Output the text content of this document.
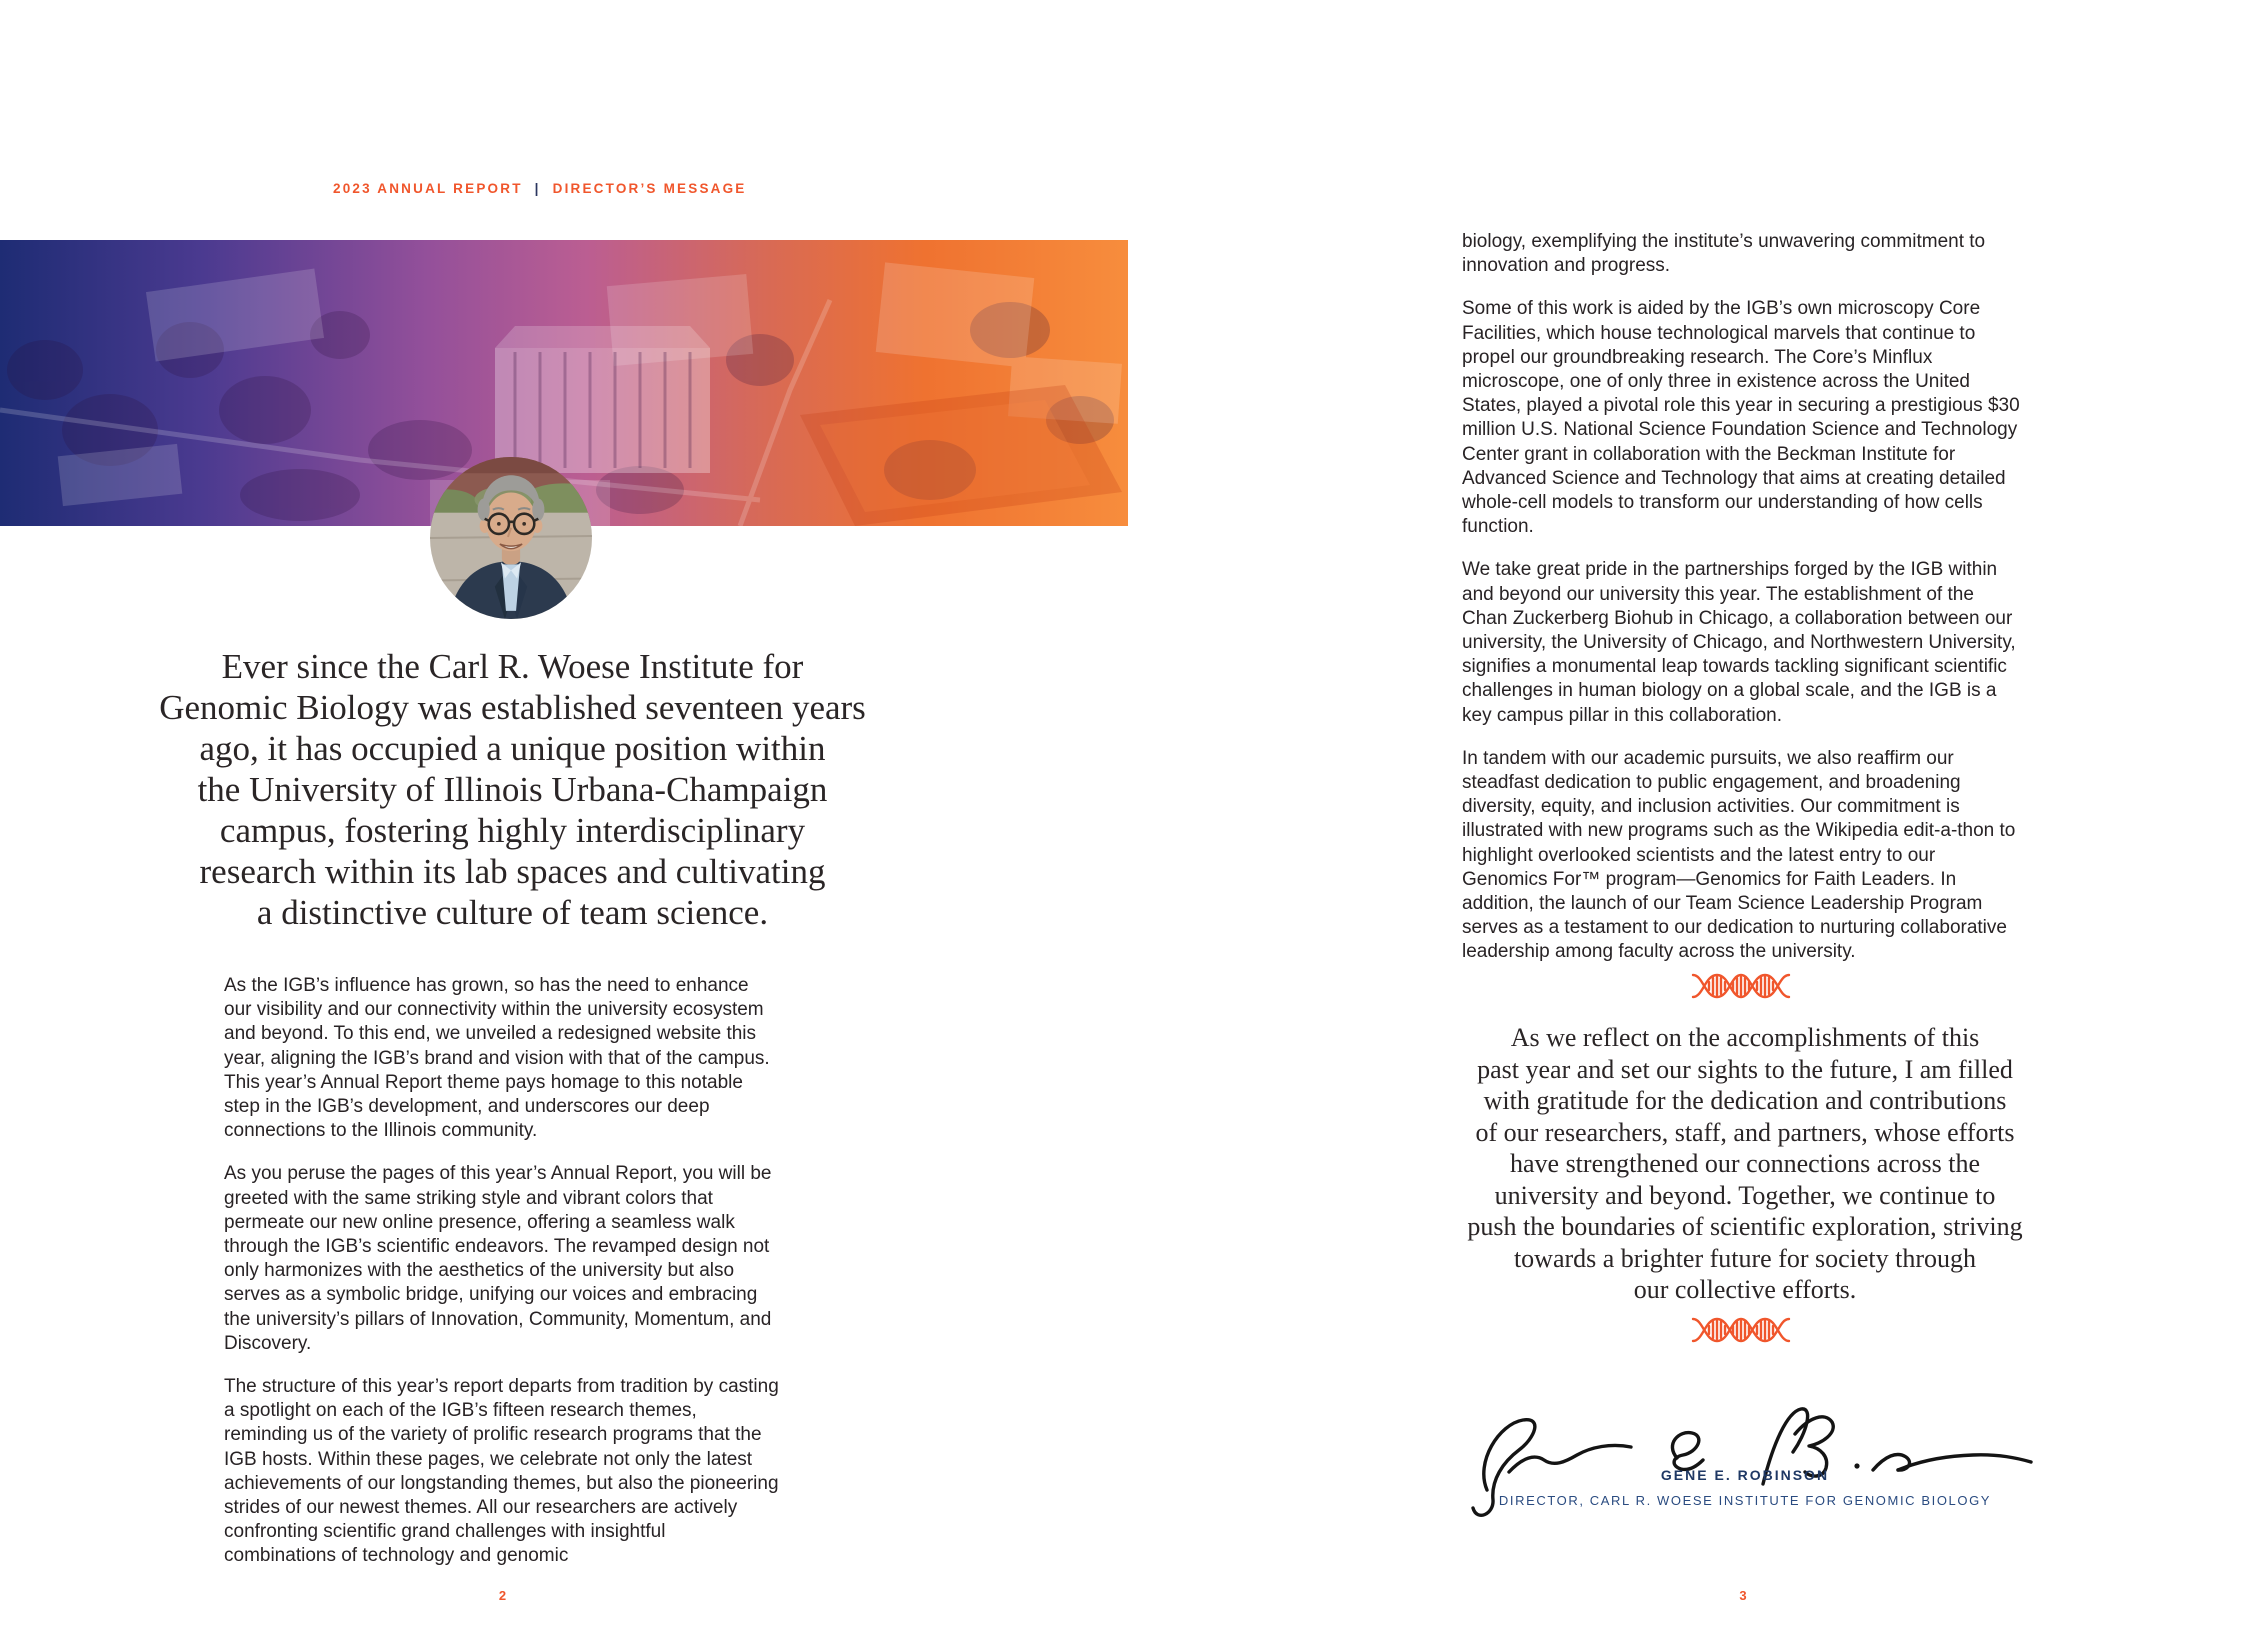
2023 ANNUAL REPORT | DIRECTOR’S MESSAGE
Ever since the Carl R. Woese Institute for
Genomic Biology was established seventeen years
ago, it has occupied a unique position within
the University of Illinois Urbana-Champaign
campus, fostering highly interdisciplinary
research within its lab spaces and cultivating
a distinctive culture of team science.

As the IGB’s influence has grown, so has the need to enhance our visibility and our connectivity within the university ecosystem and beyond. To this end, we unveiled a redesigned website this year, aligning the IGB’s brand and vision with that of the campus. This year’s Annual Report theme pays homage to this notable step in the IGB’s development, and underscores our deep connections to the Illinois community.

As you peruse the pages of this year’s Annual Report, you will be greeted with the same striking style and vibrant colors that permeate our new online presence, offering a seamless walk through the IGB’s scientific endeavors. The revamped design not only harmonizes with the aesthetics of the university but also serves as a symbolic bridge, unifying our voices and embracing the university’s pillars of Innovation, Community, Momentum, and Discovery.

The structure of this year’s report departs from tradition by casting a spotlight on each of the IGB’s fifteen research themes, reminding us of the variety of prolific research programs that the IGB hosts. Within these pages, we celebrate not only the latest achievements of our longstanding themes, but also the pioneering strides of our newest themes. All our researchers are actively confronting scientific grand challenges with insightful combinations of technology and genomic

2

biology, exemplifying the institute’s unwavering commitment to innovation and progress.

Some of this work is aided by the IGB’s own microscopy Core Facilities, which house technological marvels that continue to propel our groundbreaking research. The Core’s Minflux microscope, one of only three in existence across the United States, played a pivotal role this year in securing a prestigious $30 million U.S. National Science Foundation Science and Technology Center grant in collaboration with the Beckman Institute for Advanced Science and Technology that aims at creating detailed whole-cell models to transform our understanding of how cells function.

We take great pride in the partnerships forged by the IGB within and beyond our university this year. The establishment of the Chan Zuckerberg Biohub in Chicago, a collaboration between our university, the University of Chicago, and Northwestern University, signifies a monumental leap towards tackling significant scientific challenges in human biology on a global scale, and the IGB is a key campus pillar in this collaboration.

In tandem with our academic pursuits, we also reaffirm our steadfast dedication to public engagement, and broadening diversity, equity, and inclusion activities. Our commitment is illustrated with new programs such as the Wikipedia edit-a-thon to highlight overlooked scientists and the latest entry to our Genomics For™ program—Genomics for Faith Leaders. In addition, the launch of our Team Science Leadership Program serves as a testament to our dedication to nurturing collaborative leadership among faculty across the university.

As we reflect on the accomplishments of this
past year and set our sights to the future, I am filled
with gratitude for the dedication and contributions
of our researchers, staff, and partners, whose efforts
have strengthened our connections across the
university and beyond. Together, we continue to
push the boundaries of scientific exploration, striving
towards a brighter future for society through
our collective efforts.
GENE E. ROBINSON
DIRECTOR, CARL R. WOESE INSTITUTE FOR GENOMIC BIOLOGY
3
